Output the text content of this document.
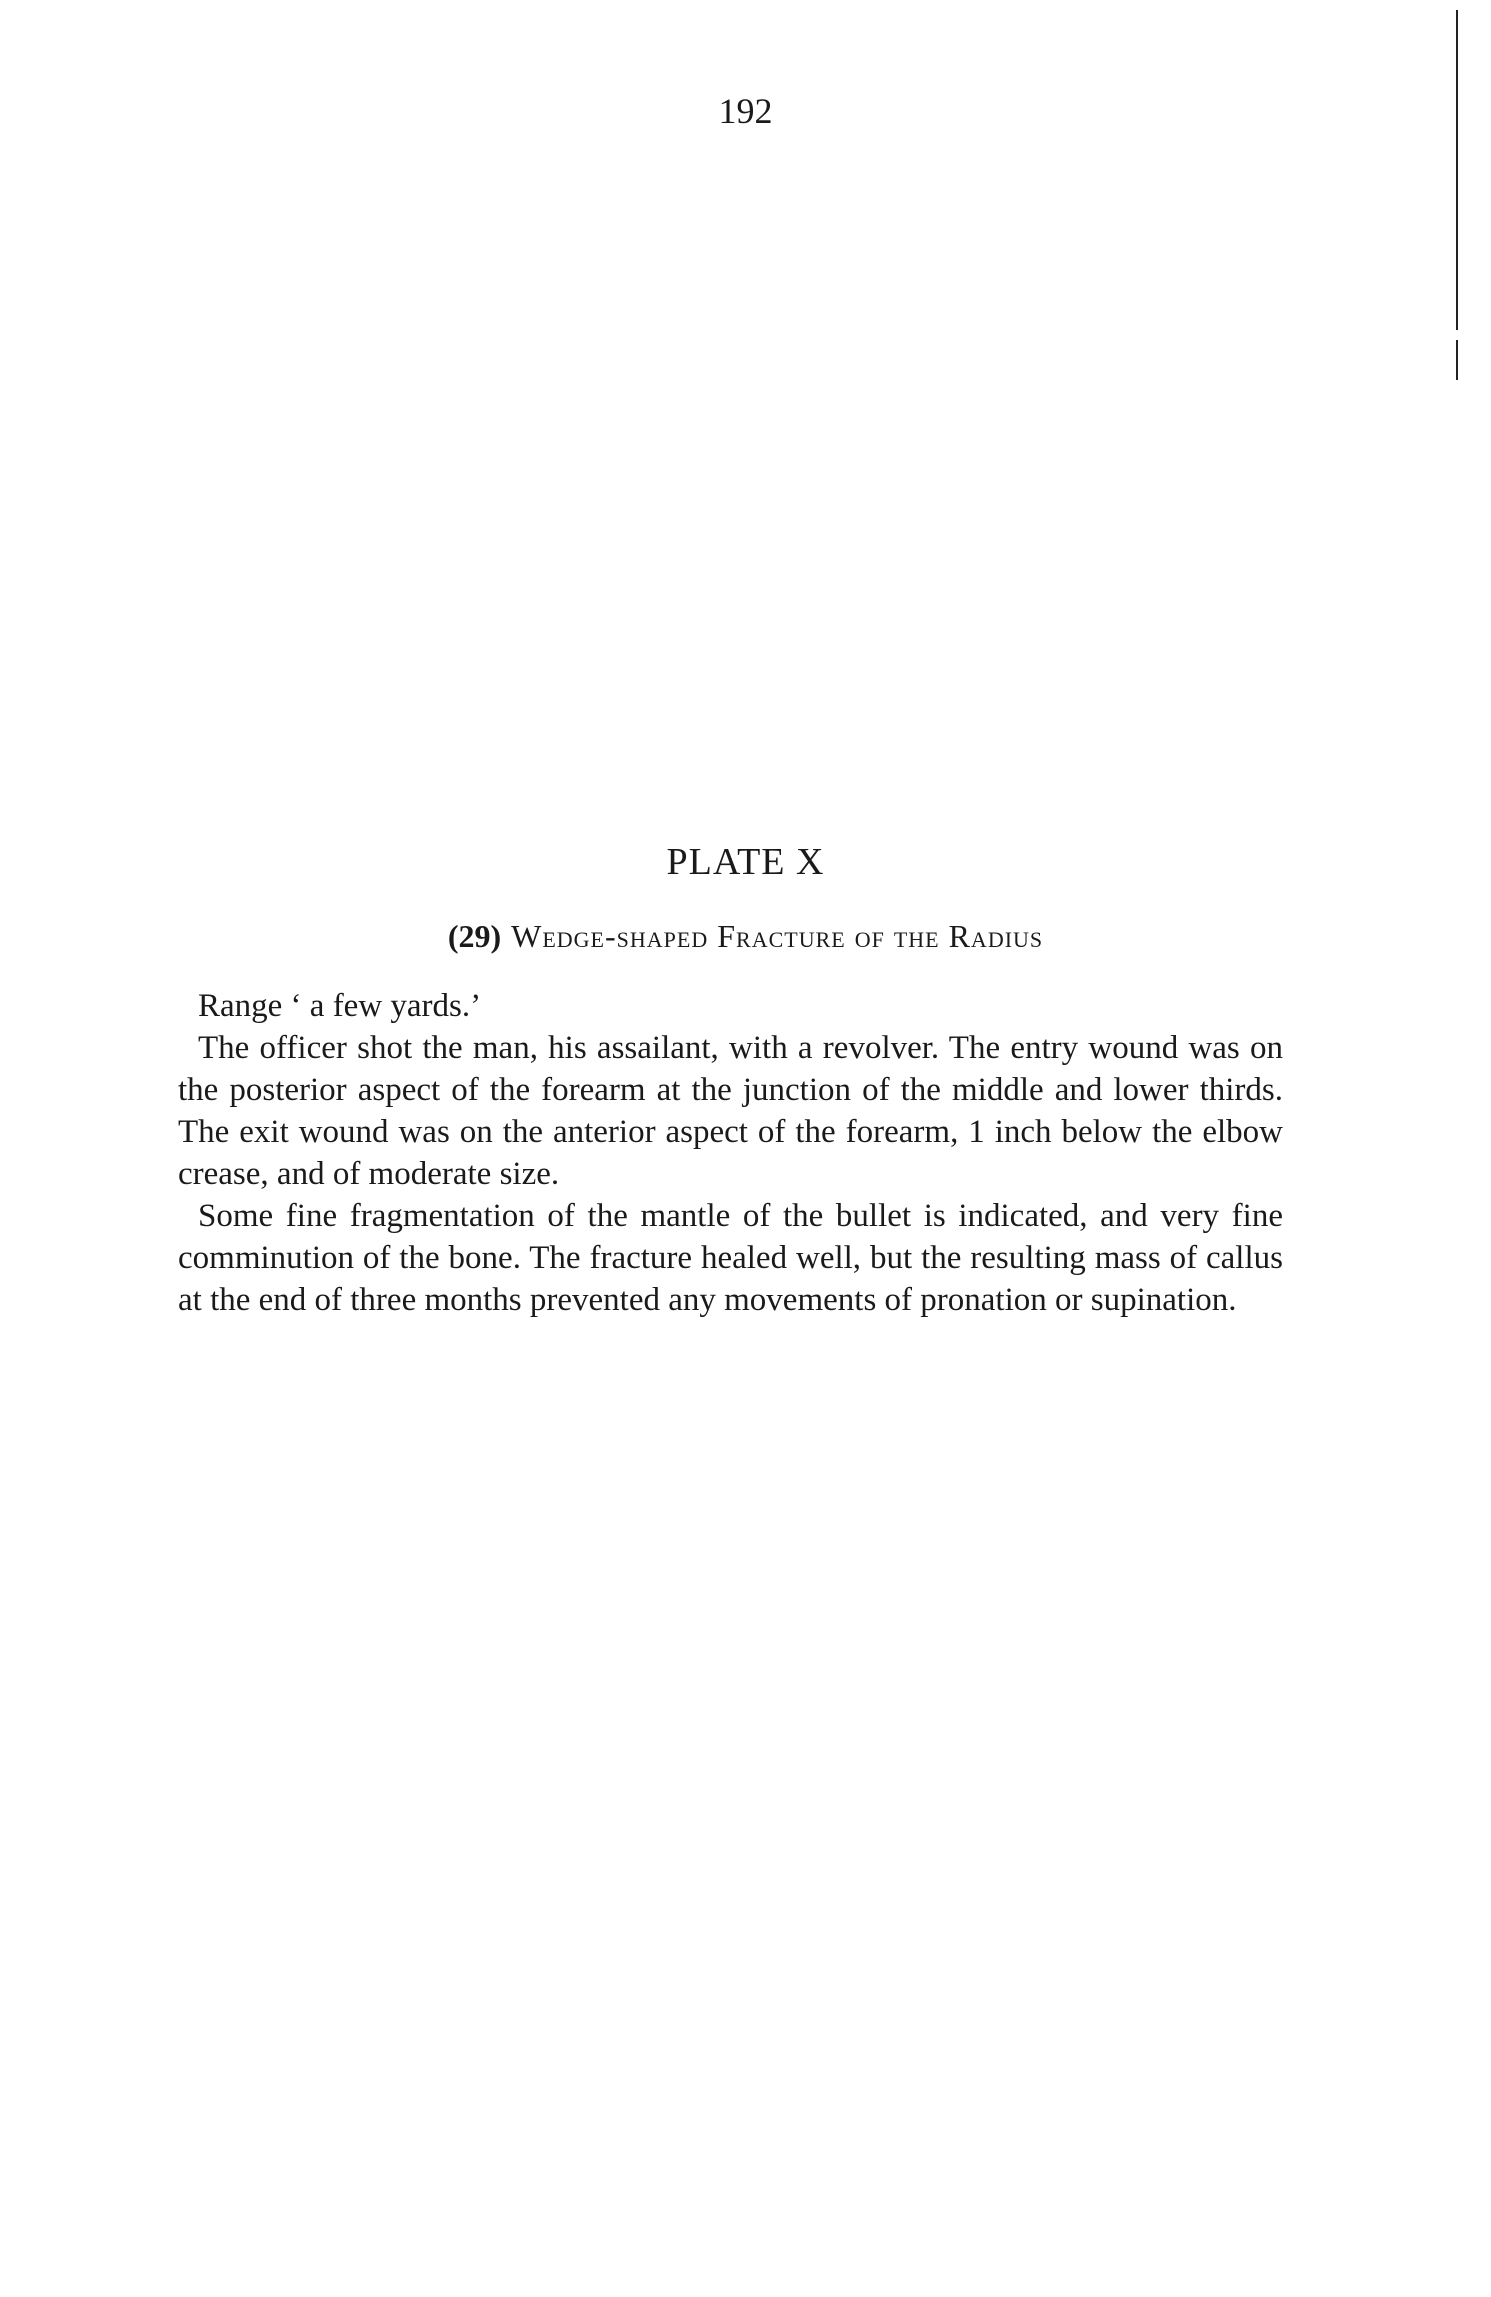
192
PLATE X
(29) Wedge-shaped Fracture of the Radius

Range ‘ a few yards.’

The officer shot the man, his assailant, with a revolver. The entry wound was on the posterior aspect of the forearm at the junction of the middle and lower thirds. The exit wound was on the anterior aspect of the forearm, 1 inch below the elbow crease, and of moderate size.

Some fine fragmentation of the mantle of the bullet is indicated, and very fine comminution of the bone. The fracture healed well, but the resulting mass of callus at the end of three months prevented any movements of pronation or supination.
